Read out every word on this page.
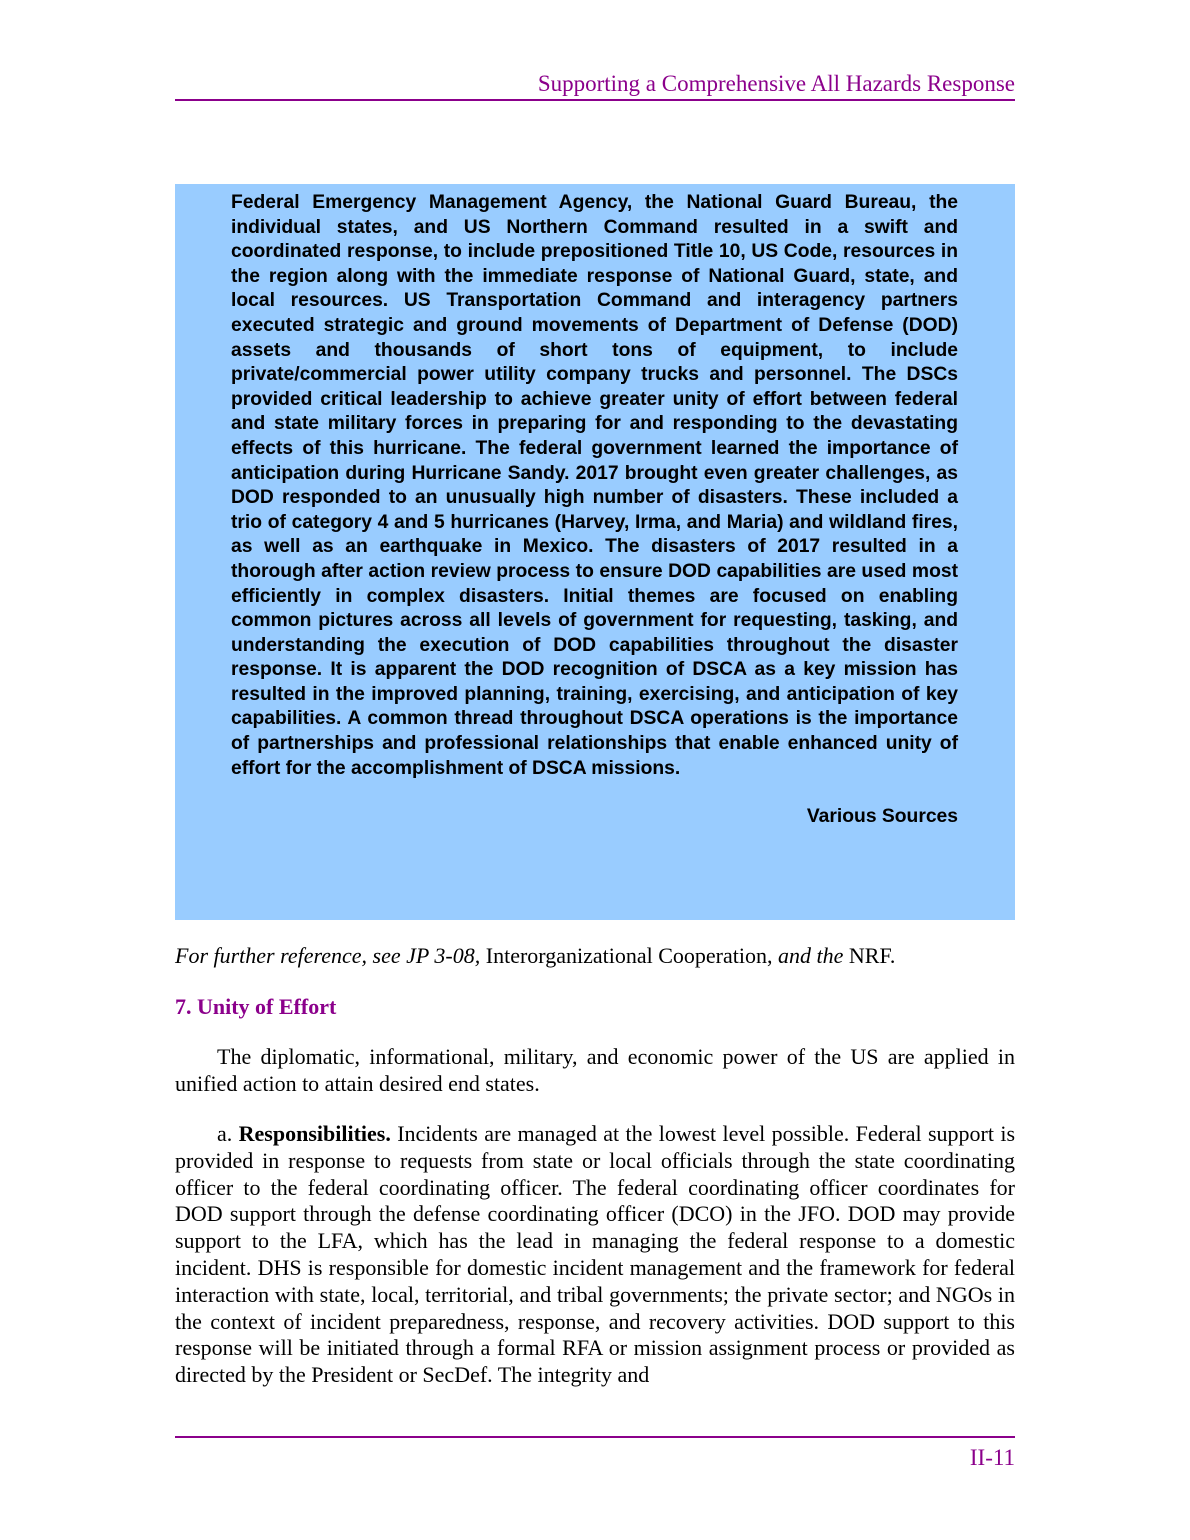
Supporting a Comprehensive All Hazards Response

Federal Emergency Management Agency, the National Guard Bureau, the individual states, and US Northern Command resulted in a swift and coordinated response, to include prepositioned Title 10, US Code, resources in the region along with the immediate response of National Guard, state, and local resources. US Transportation Command and interagency partners executed strategic and ground movements of Department of Defense (DOD) assets and thousands of short tons of equipment, to include private/commercial power utility company trucks and personnel. The DSCs provided critical leadership to achieve greater unity of effort between federal and state military forces in preparing for and responding to the devastating effects of this hurricane. The federal government learned the importance of anticipation during Hurricane Sandy. 2017 brought even greater challenges, as DOD responded to an unusually high number of disasters. These included a trio of category 4 and 5 hurricanes (Harvey, Irma, and Maria) and wildland fires, as well as an earthquake in Mexico. The disasters of 2017 resulted in a thorough after action review process to ensure DOD capabilities are used most efficiently in complex disasters. Initial themes are focused on enabling common pictures across all levels of government for requesting, tasking, and understanding the execution of DOD capabilities throughout the disaster response. It is apparent the DOD recognition of DSCA as a key mission has resulted in the improved planning, training, exercising, and anticipation of key capabilities. A common thread throughout DSCA operations is the importance of partnerships and professional relationships that enable enhanced unity of effort for the accomplishment of DSCA missions.

Various Sources

For further reference, see JP 3-08, Interorganizational Cooperation, and the NRF.
7. Unity of Effort

The diplomatic, informational, military, and economic power of the US are applied in unified action to attain desired end states.

a. Responsibilities. Incidents are managed at the lowest level possible. Federal support is provided in response to requests from state or local officials through the state coordinating officer to the federal coordinating officer. The federal coordinating officer coordinates for DOD support through the defense coordinating officer (DCO) in the JFO. DOD may provide support to the LFA, which has the lead in managing the federal response to a domestic incident. DHS is responsible for domestic incident management and the framework for federal interaction with state, local, territorial, and tribal governments; the private sector; and NGOs in the context of incident preparedness, response, and recovery activities. DOD support to this response will be initiated through a formal RFA or mission assignment process or provided as directed by the President or SecDef. The integrity and

II-11
